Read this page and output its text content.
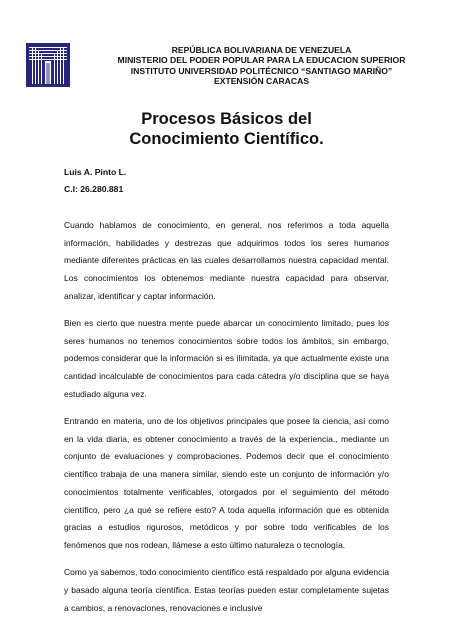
REPÚBLICA BOLIVARIANA DE VENEZUELA
MINISTERIO DEL PODER POPULAR PARA LA EDUCACION SUPERIOR
INSTITUTO UNIVERSIDAD POLITÉCNICO “SANTIAGO MARIÑO”
EXTENSIÓN CARACAS
Procesos Básicos del
Conocimiento Científico.
Luis A. Pinto L.
C.I: 26.280.881

Cuando hablamos de conocimiento, en general, nos referimos a toda aquella información, habilidades y destrezas que adquirimos todos los seres humanos mediante diferentes prácticas en las cuales desarrollamos nuestra capacidad mental. Los conocimientos los obtenemos mediante nuestra capacidad para observar, analizar, identificar y captar información.

Bien es cierto que nuestra mente puede abarcar un conocimiento limitado, pues los seres humanos no tenemos conocimientos sobre todos los ámbitos, sin embargo, podemos considerar que la información si es ilimitada, ya que actualmente existe una cantidad incalculable de conocimientos para cada cátedra y/o disciplina que se haya estudiado alguna vez.

Entrando en materia, uno de los objetivos principales que posee la ciencia, así como en la vida diaria, es obtener conocimiento a través de la experiencia., mediante un conjunto de evaluaciones y comprobaciones. Podemos decir que el conocimiento científico trabaja de una manera similar, siendo este un conjunto de información y/o conocimientos totalmente verificables, otorgados por el seguimiento del método científico, pero ¿a qué se refiere esto? A toda aquella información que es obtenida gracias a estudios rigurosos, metódicos y por sobre todo verificables de los fenómenos que nos rodean, llámese a esto último naturaleza o tecnología.

Como ya sabemos, todo conocimiento científico está respaldado por alguna evidencia y basado alguna teoría científica. Estas teorías pueden estar completamente sujetas a cambios, a renovaciones, renovaciones e inclusive
